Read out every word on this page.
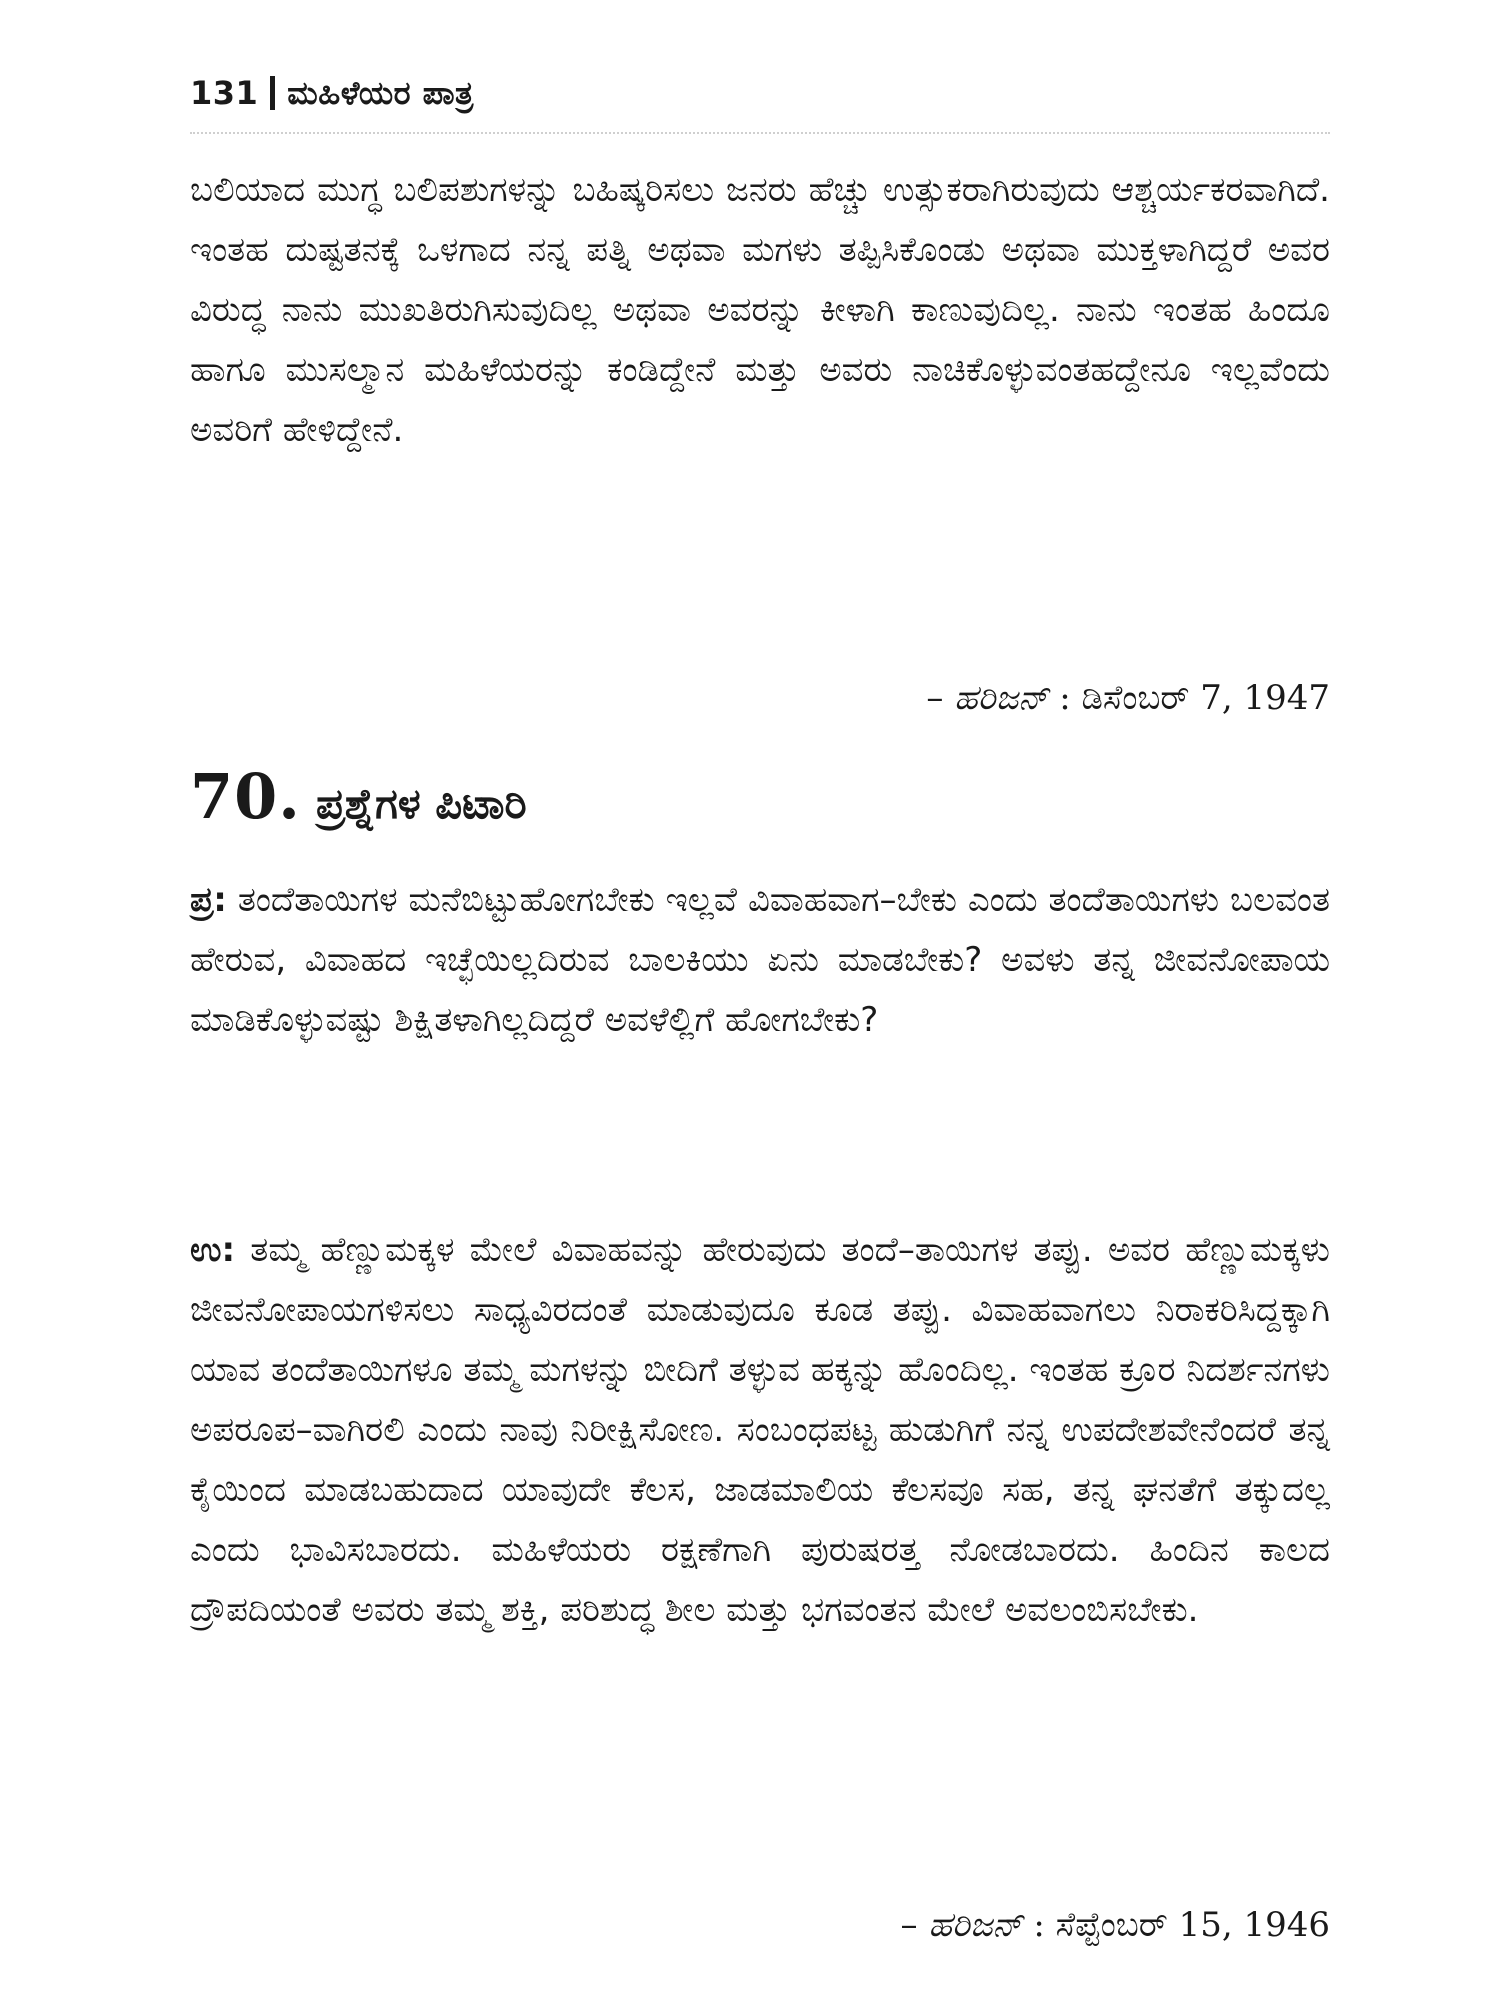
131 ಮಹಿಳೆಯರ ಪಾತ್ರ

ಬಲಿಯಾದ ಮುಗ್ಧ ಬಲಿಪಶುಗಳನ್ನು ಬಹಿಷ್ಕರಿಸಲು ಜನರು ಹೆಚ್ಚು ಉತ್ಸುಕರಾಗಿರುವುದು ಆಶ್ಚರ್ಯಕರವಾಗಿದೆ. ಇಂತಹ ದುಷ್ಟತನಕ್ಕೆ ಒಳಗಾದ ನನ್ನ ಪತ್ನಿ ಅಥವಾ ಮಗಳು ತಪ್ಪಿಸಿಕೊಂಡು ಅಥವಾ ಮುಕ್ತಳಾಗಿದ್ದರೆ ಅವರ ವಿರುದ್ಧ ನಾನು ಮುಖತಿರುಗಿಸುವುದಿಲ್ಲ ಅಥವಾ ಅವರನ್ನು ಕೀಳಾಗಿ ಕಾಣುವುದಿಲ್ಲ. ನಾನು ಇಂತಹ ಹಿಂದೂ ಹಾಗೂ ಮುಸಲ್ಮಾನ ಮಹಿಳೆಯರನ್ನು ಕಂಡಿದ್ದೇನೆ ಮತ್ತು ಅವರು ನಾಚಿಕೊಳ್ಳುವಂತಹದ್ದೇನೂ ಇಲ್ಲವೆಂದು ಅವರಿಗೆ ಹೇಳಿದ್ದೇನೆ.

– ಹರಿಜನ್ : ಡಿಸೆಂಬರ್ 7, 1947
70. ಪ್ರಶ್ನೆಗಳ ಪಿಟಾರಿ

ಪ್ರ: ತಂದೆತಾಯಿಗಳ ಮನೆಬಿಟ್ಟುಹೋಗಬೇಕು ಇಲ್ಲವೆ ವಿವಾಹವಾಗ–ಬೇಕು ಎಂದು ತಂದೆತಾಯಿಗಳು ಬಲವಂತ ಹೇರುವ, ವಿವಾಹದ ಇಚ್ಛೆಯಿಲ್ಲದಿರುವ ಬಾಲಕಿಯು ಏನು ಮಾಡಬೇಕು? ಅವಳು ತನ್ನ ಜೀವನೋಪಾಯ ಮಾಡಿಕೊಳ್ಳುವಷ್ಟು ಶಿಕ್ಷಿತಳಾಗಿಲ್ಲದಿದ್ದರೆ ಅವಳೆಲ್ಲಿಗೆ ಹೋಗಬೇಕು?

ಉ: ತಮ್ಮ ಹೆಣ್ಣುಮಕ್ಕಳ ಮೇಲೆ ವಿವಾಹವನ್ನು ಹೇರುವುದು ತಂದೆ–ತಾಯಿಗಳ ತಪ್ಪು. ಅವರ ಹೆಣ್ಣುಮಕ್ಕಳು ಜೀವನೋಪಾಯಗಳಿಸಲು ಸಾಧ್ಯವಿರದಂತೆ ಮಾಡುವುದೂ ಕೂಡ ತಪ್ಪು. ವಿವಾಹವಾಗಲು ನಿರಾಕರಿಸಿದ್ದಕ್ಕಾಗಿ ಯಾವ ತಂದೆತಾಯಿಗಳೂ ತಮ್ಮ ಮಗಳನ್ನು ಬೀದಿಗೆ ತಳ್ಳುವ ಹಕ್ಕನ್ನು ಹೊಂದಿಲ್ಲ. ಇಂತಹ ಕ್ರೂರ ನಿದರ್ಶನಗಳು ಅಪರೂಪ–ವಾಗಿರಲಿ ಎಂದು ನಾವು ನಿರೀಕ್ಷಿಸೋಣ. ಸಂಬಂಧಪಟ್ಟ ಹುಡುಗಿಗೆ ನನ್ನ ಉಪದೇಶವೇನೆಂದರೆ ತನ್ನ ಕೈಯಿಂದ ಮಾಡಬಹುದಾದ ಯಾವುದೇ ಕೆಲಸ, ಜಾಡಮಾಲಿಯ ಕೆಲಸವೂ ಸಹ, ತನ್ನ ಘನತೆಗೆ ತಕ್ಕುದಲ್ಲ ಎಂದು ಭಾವಿಸಬಾರದು. ಮಹಿಳೆಯರು ರಕ್ಷಣೆಗಾಗಿ ಪುರುಷರತ್ತ ನೋಡಬಾರದು. ಹಿಂದಿನ ಕಾಲದ ದ್ರೌಪದಿಯಂತೆ ಅವರು ತಮ್ಮ ಶಕ್ತಿ, ಪರಿಶುದ್ಧ ಶೀಲ ಮತ್ತು ಭಗವಂತನ ಮೇಲೆ ಅವಲಂಬಿಸಬೇಕು.

– ಹರಿಜನ್ : ಸೆಪ್ಟೆಂಬರ್ 15, 1946
